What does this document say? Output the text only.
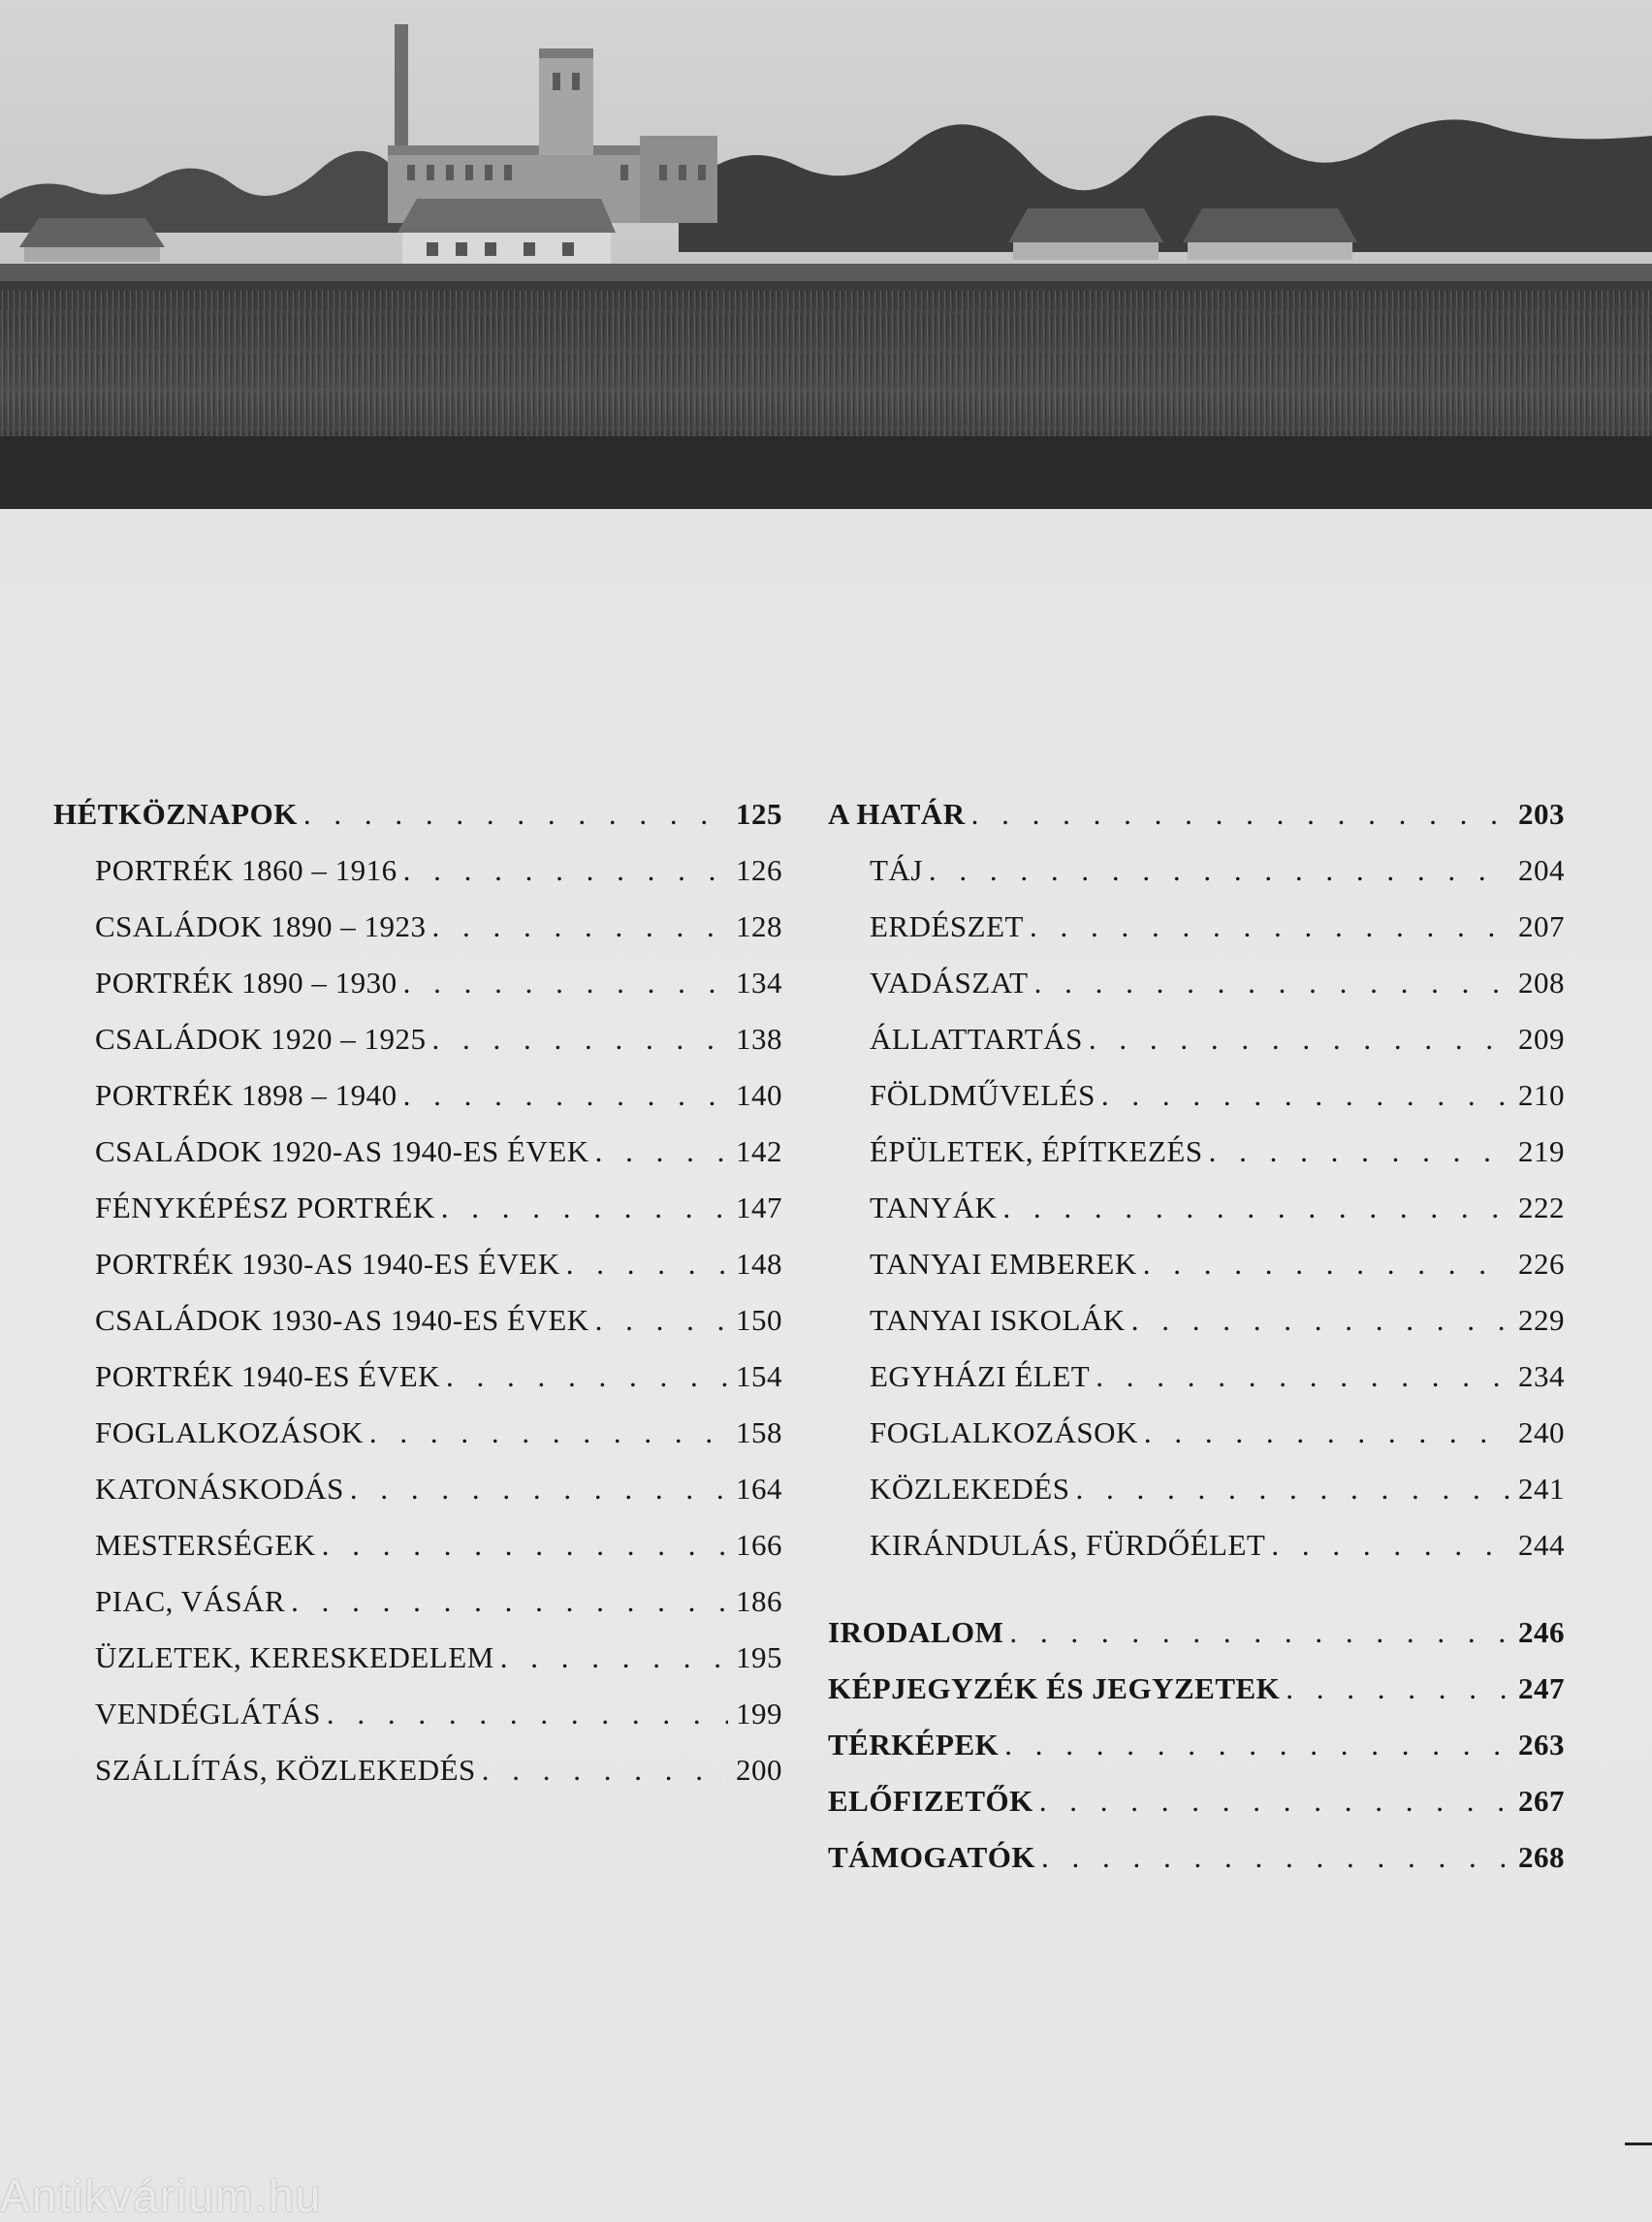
HÉTKÖZNAPOK . . .	125
PORTRÉK 1860 – 1916 . . .	126
CSALÁDOK 1890 – 1923 . . .	128
PORTRÉK 1890 – 1930 . . .	134
CSALÁDOK 1920 – 1925 . . .	138
PORTRÉK 1898 – 1940 . . .	140
CSALÁDOK 1920-AS 1940-ES ÉVEK . . .	142
FÉNYKÉPÉSZ PORTRÉK . . .	147
PORTRÉK 1930-AS 1940-ES ÉVEK . . .	148
CSALÁDOK 1930-AS 1940-ES ÉVEK . . .	150
PORTRÉK 1940-ES ÉVEK . . .	154
FOGLALKOZÁSOK . . .	158
KATONÁSKODÁS . . .	164
MESTERSÉGEK . . .	166
PIAC, VÁSÁR . . .	186
ÜZLETEK, KERESKEDELEM . . .	195
VENDÉGLÁTÁS . . .	199
SZÁLLÍTÁS, KÖZLEKEDÉS . . .	200
A HATÁR . . .	203
TÁJ . . .	204
ERDÉSZET . . .	207
VADÁSZAT . . .	208
ÁLLATTARTÁS . . .	209
FÖLDMŰVELÉS . . .	210
ÉPÜLETEK, ÉPÍTKEZÉS . . .	219
TANYÁK . . .	222
TANYAI EMBEREK . . .	226
TANYAI ISKOLÁK . . .	229
EGYHÁZI ÉLET . . .	234
FOGLALKOZÁSOK . . .	240
KÖZLEKEDÉS . . .	241
KIRÁNDULÁS, FÜRDŐÉLET . . .	244
IRODALOM . . .	246
KÉPJEGYZÉK ÉS JEGYZETEK . . .	247
TÉRKÉPEK . . .	263
ELŐFIZETŐK . . .	267
TÁMOGATÓK . . .	268
Antikvárium.hu
